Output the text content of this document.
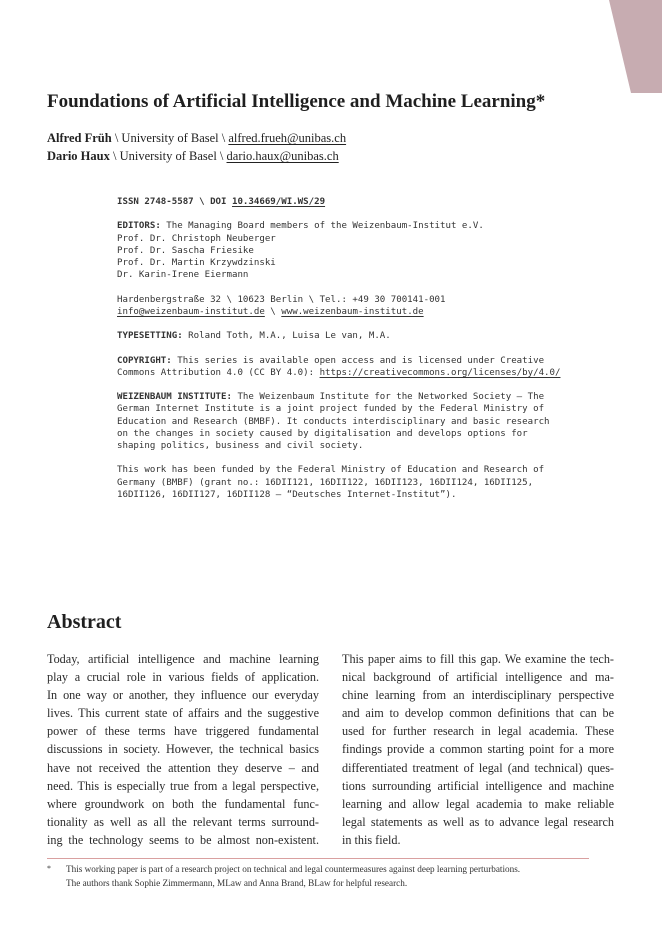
Foundations of Artificial Intelligence and Machine Learning*
Alfred Früh \ University of Basel \ alfred.frueh@unibas.ch
Dario Haux \ University of Basel \ dario.haux@unibas.ch

ISSN 2748-5587 \ DOI 10.34669/WI.WS/29

EDITORS: The Managing Board members of the Weizenbaum-Institut e.V.
Prof. Dr. Christoph Neuberger
Prof. Dr. Sascha Friesike
Prof. Dr. Martin Krzywdzinski
Dr. Karin-Irene Eiermann

Hardenbergstraße 32 \ 10623 Berlin \ Tel.: +49 30 700141-001
info@weizenbaum-institut.de \ www.weizenbaum-institut.de

TYPESETTING: Roland Toth, M.A., Luisa Le van, M.A.

COPYRIGHT: This series is available open access and is licensed under Creative
Commons Attribution 4.0 (CC BY 4.0): https://creativecommons.org/licenses/by/4.0/

WEIZENBAUM INSTITUTE: The Weizenbaum Institute for the Networked Society – The
German Internet Institute is a joint project funded by the Federal Ministry of
Education and Research (BMBF). It conducts interdisciplinary and basic research
on the changes in society caused by digitalisation and develops options for
shaping politics, business and civil society.

This work has been funded by the Federal Ministry of Education and Research of
Germany (BMBF) (grant no.: 16DII121, 16DII122, 16DII123, 16DII124, 16DII125,
16DII126, 16DII127, 16DII128 – “Deutsches Internet-Institut”).

Abstract
Today, artificial intelligence and machine learning
play a crucial role in various fields of application.
In one way or another, they influence our everyday
lives. This current state of affairs and the suggestive
power of these terms have triggered fundamental
discussions in society. However, the technical basics
have not received the attention they deserve – and
need. This is especially true from a legal perspective,
where groundwork on both the fundamental func-
tionality as well as all the relevant terms surround-
ing the technology seems to be almost non-existent.
This paper aims to fill this gap. We examine the tech-
nical background of artificial intelligence and ma-
chine learning from an interdisciplinary perspective
and aim to develop common definitions that can be
used for further research in legal academia. These
findings provide a common starting point for a more
differentiated treatment of legal (and technical) ques-
tions surrounding artificial intelligence and machine
learning and allow legal academia to make reliable
legal statements as well as to advance legal research
in this field.
* This working paper is part of a research project on technical and legal countermeasures against deep learning perturbations.
The authors thank Sophie Zimmermann, MLaw and Anna Brand, BLaw for helpful research.
